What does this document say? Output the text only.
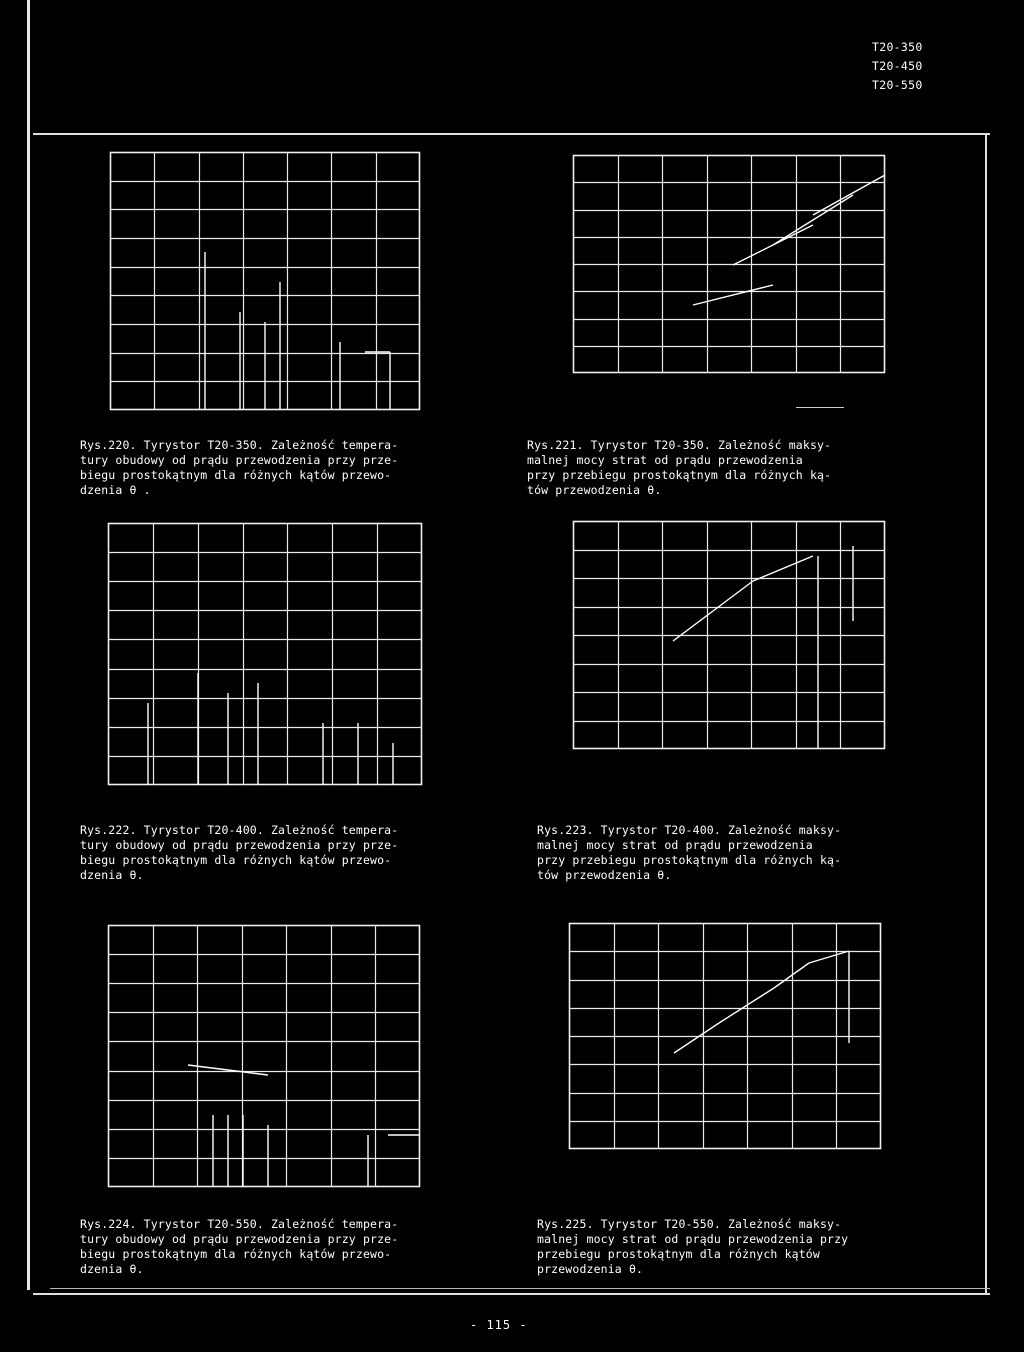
T20-350
T20-450
T20-550
Rys.220. Tyrystor T20-350. Zależność tempera-
tury obudowy od prądu przewodzenia przy prze-
biegu prostokątnym dla różnych kątów przewo-
dzenia θ .
Rys.221. Tyrystor T20-350. Zależność maksy-
malnej mocy strat od prądu przewodzenia
przy przebiegu prostokątnym dla różnych ką-
tów przewodzenia θ.
Rys.222. Tyrystor T20-400. Zależność tempera-
tury obudowy od prądu przewodzenia przy prze-
biegu prostokątnym dla różnych kątów przewo-
dzenia θ.
Rys.223. Tyrystor T20-400. Zależność maksy-
malnej mocy strat od prądu przewodzenia
przy przebiegu prostokątnym dla różnych ką-
tów przewodzenia θ.
Rys.224. Tyrystor T20-550. Zależność tempera-
tury obudowy od prądu przewodzenia przy prze-
biegu prostokątnym dla różnych kątów przewo-
dzenia θ.
Rys.225. Tyrystor T20-550. Zależność maksy-
malnej mocy strat od prądu przewodzenia przy
przebiegu prostokątnym dla różnych kątów
przewodzenia θ.
- 115 -
